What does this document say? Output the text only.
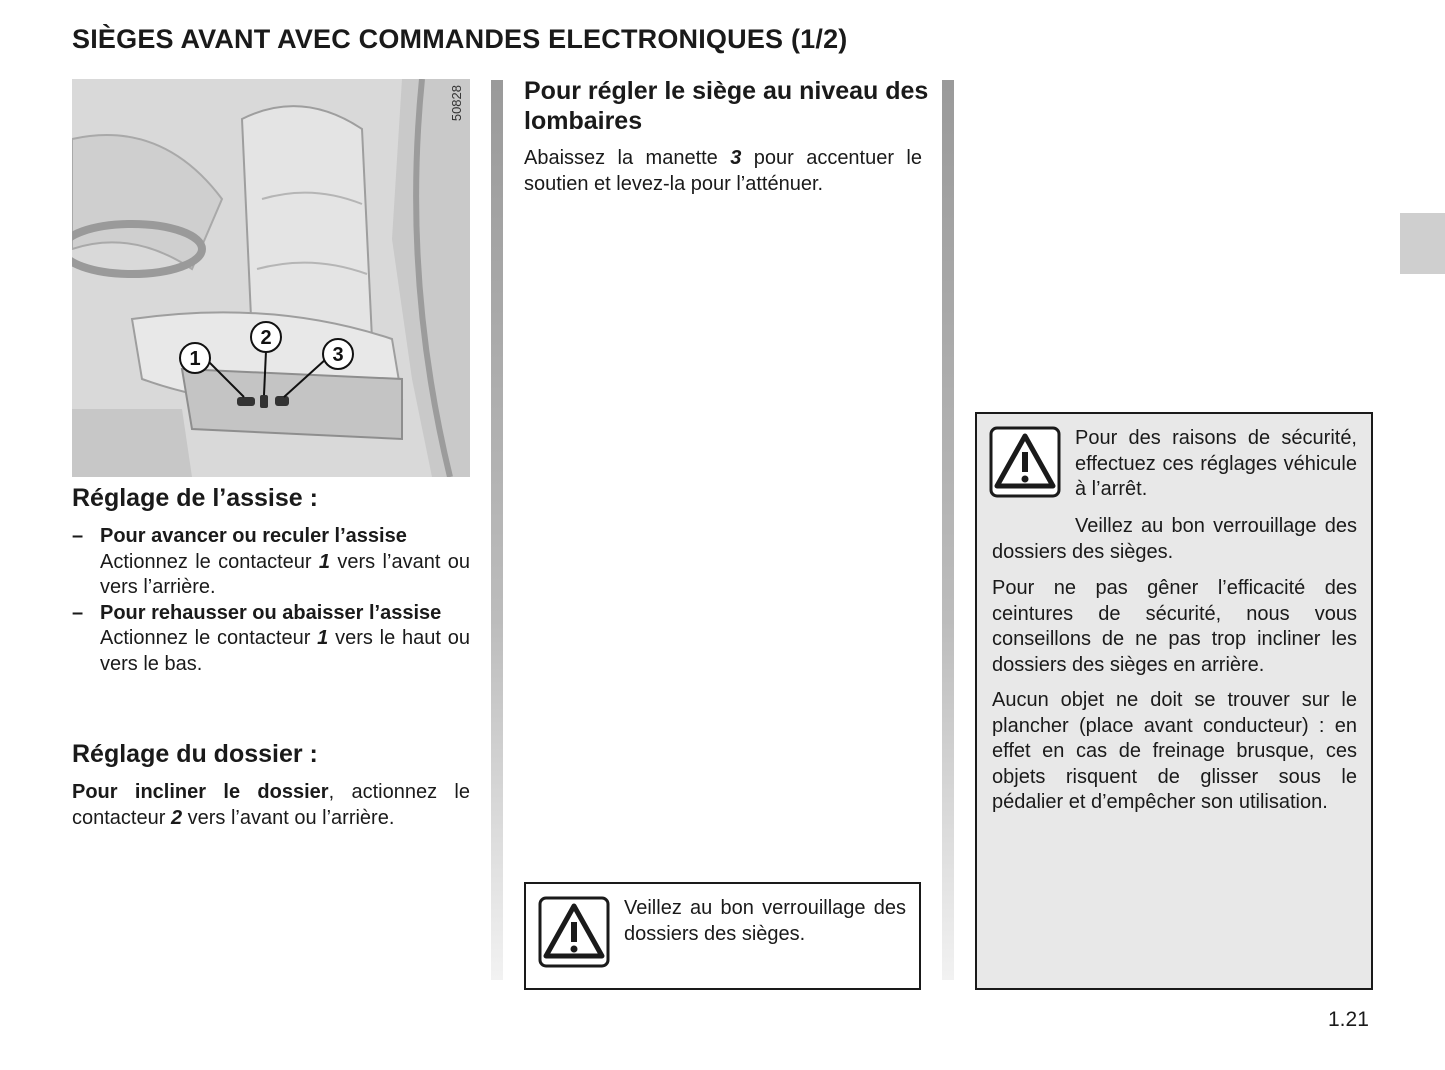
SIÈGES AVANT AVEC COMMANDES ELECTRONIQUES (1/2)
1
2
3
50828
Réglage de l’assise :
– Pour avancer ou reculer l’assise
Actionnez le contacteur 1 vers l’avant ou vers l’arrière.
– Pour rehausser ou abaisser l’assise
Actionnez le contacteur 1 vers le haut ou vers le bas.
Réglage du dossier :
Pour incliner le dossier, actionnez le contacteur 2 vers l’avant ou l’arrière.
Pour régler le siège au niveau des lombaires
Abaissez la manette 3 pour accentuer le soutien et levez-la pour l’atténuer.
Veillez au bon verrouillage des dossiers des sièges.
Pour des raisons de sécurité, effectuez ces réglages véhicule à l’arrêt.
Veillez au bon verrouillage des dossiers des sièges.
Pour ne pas gêner l’efficacité des ceintures de sécurité, nous vous conseillons de ne pas trop incliner les dossiers des sièges en arrière.
Aucun objet ne doit se trouver sur le plancher (place avant conducteur) : en effet en cas de freinage brusque, ces objets risquent de glisser sous le pédalier et d’empêcher son utilisation.
1.21
